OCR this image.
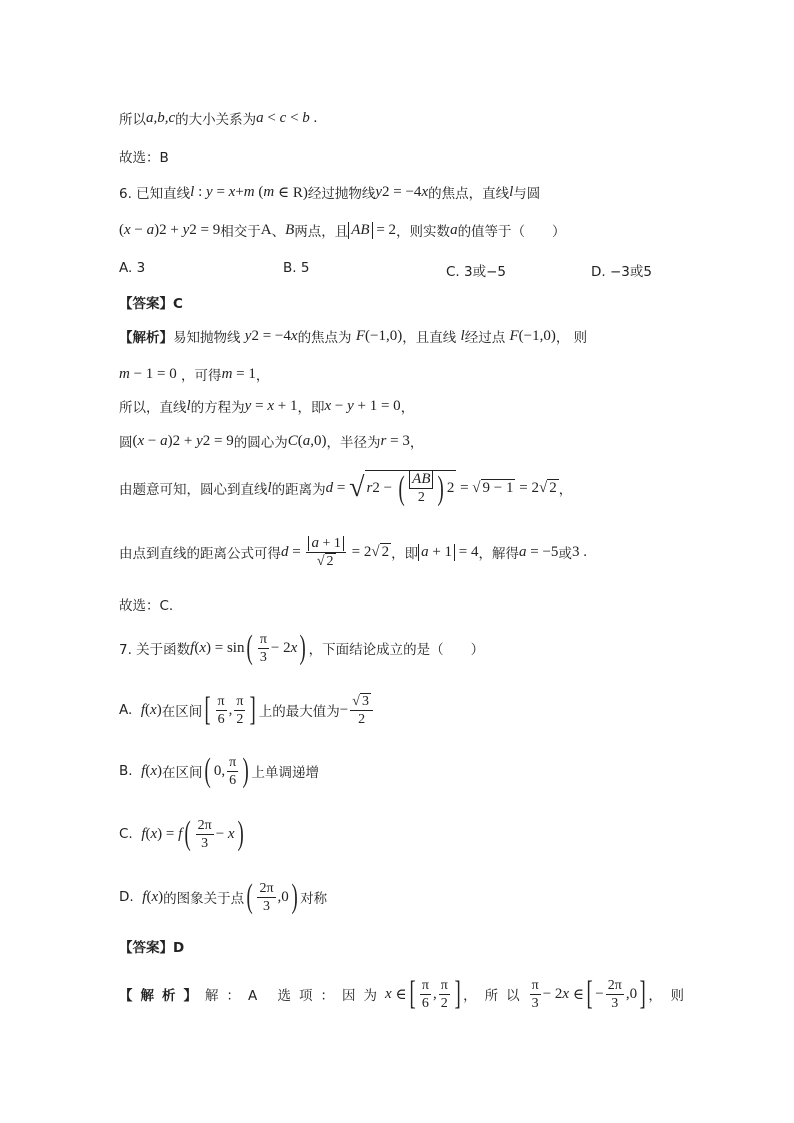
所以 a,b,c 的大小关系为 a < c < b .
故选：B
6. 已知直线 l : y = x + m ( m ∈ R) 经过抛物线 y 2 = −4 x 的焦点，直线 l 与圆
( x − a ) 2 + y 2 = 9 相交于 A 、 B 两点，且 AB = 2 ，则实数 a 的值等于（　　）
A. 3	B. 5	C. 3或−5	D. −3或5
【答案】C
【解析】 易知抛物线 y 2 = −4 x 的焦点为 F (−1,0) ，且直线 l 经过点 F (−1,0) ， 则
m − 1 = 0 ，可得 m = 1 ，
所以，直线 l 的方程为 y = x + 1 ，即 x − y + 1 = 0 ，
圆 ( x − a ) 2 + y 2 = 9 的圆心为 C ( a ,0) ，半径为 r = 3 ，
由题意可知，圆心到直线 l 的距离为 d = √ r 2 − ( $\frac{AB}{2}$ ) 2 = √ 9 − 1 = 2√ 2 ，
由点到直线的距离公式可得 $d = \frac{a + 1}{√ 2} = 2√$ 2 ，即 a + 1 = 4 ，解得 a = −5 或 3 .
故选：C.
7. 关于函数 f ( x ) = sin ( $\frac{\pi}{3} - 2$ x ) ，下面结论成立的是（　　）
A. f ( x ) 在区间 [ $\frac{\pi}{6}$ , $\frac{\pi}{2}$ ] 上的最大值为 − $\frac{√ 3}{2}$
B. f ( x ) 在区间 ( 0, $\frac{\pi}{6}$ ) 上单调递增
C. f ( x ) = f ( $\frac{2\pi}{3} - x$ )
D. f ( x ) 的图象关于点 ( $\frac{2\pi}{3} ,0$ ) 对称
【答案】D
【解析】 解：A 选项：因为 x ∈ [ $\frac{\pi}{6}$ , $\frac{\pi}{2}$ ] ，所以 $\frac{\pi}{3} - 2$ x ∈ [ − $\frac{2\pi}{3} ,0$ ] ，  则
